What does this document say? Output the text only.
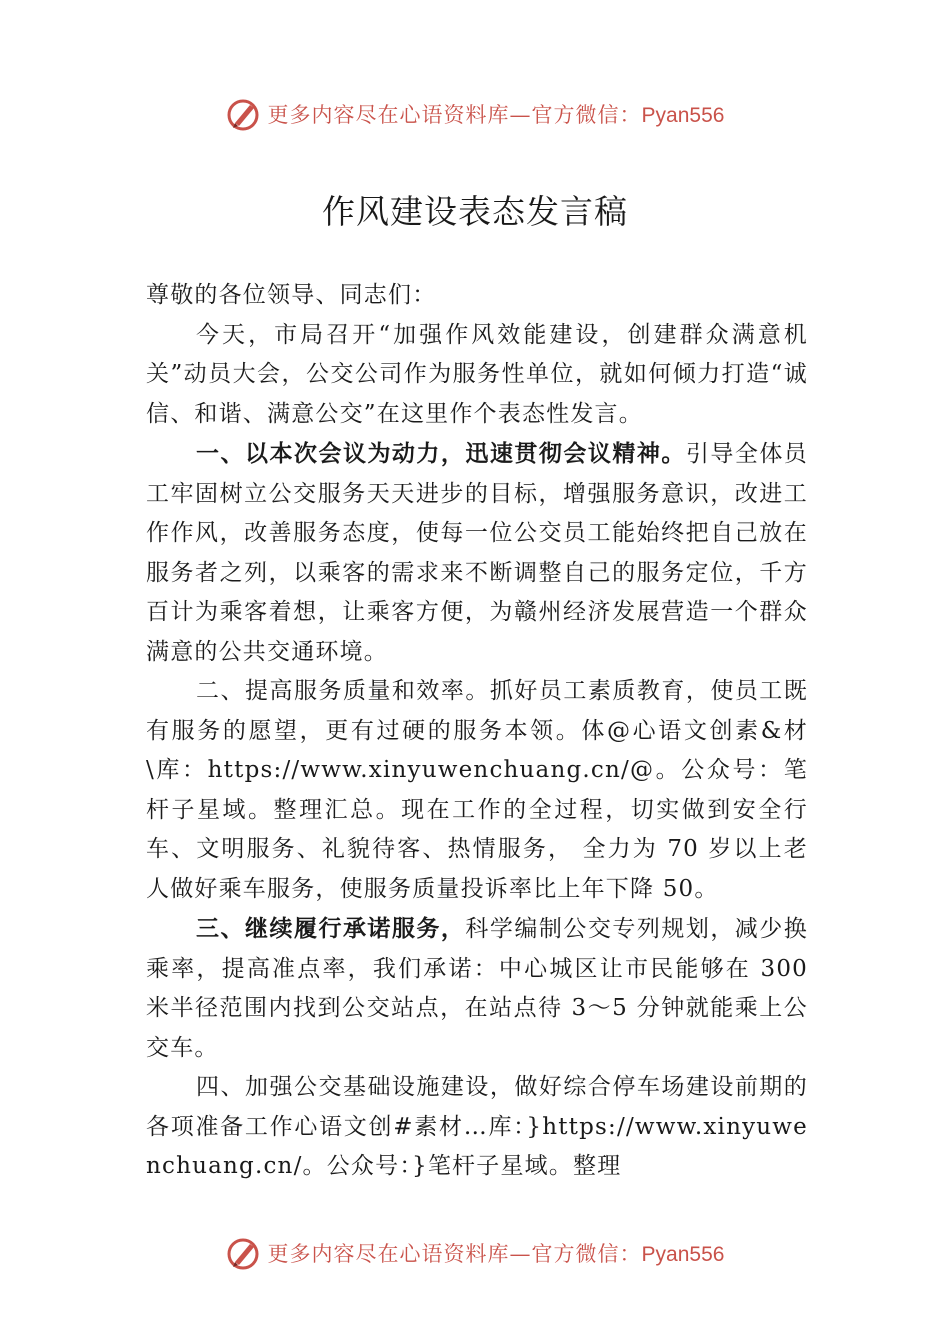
更多内容尽在心语资料库—官方微信：Pyan556
作风建设表态发言稿

尊敬的各位领导、同志们：

今天，市局召开“加强作风效能建设，创建群众满意机关”动员大会，公交公司作为服务性单位，就如何倾力打造“诚信、和谐、满意公交”在这里作个表态性发言。

一、以本次会议为动力，迅速贯彻会议精神。引导全体员工牢固树立公交服务天天进步的目标，增强服务意识，改进工作作风，改善服务态度，使每一位公交员工能始终把自己放在服务者之列，以乘客的需求来不断调整自己的服务定位，千方百计为乘客着想，让乘客方便，为赣州经济发展营造一个群众满意的公共交通环境。

二、提高服务质量和效率。抓好员工素质教育，使员工既有服务的愿望，更有过硬的服务本领。体@心语文创素&材\库：https://www.xinyuwenchuang.cn/@。公众号：笔杆子星域。整理汇总。现在工作的全过程，切实做到安全行车、文明服务、礼貌待客、热情服务， 全力为 70 岁以上老人做好乘车服务，使服务质量投诉率比上年下降 50。

三、继续履行承诺服务，科学编制公交专列规划，减少换乘率，提高准点率，我们承诺：中心城区让市民能够在 300 米半径范围内找到公交站点，在站点待 3～5 分钟就能乘上公交车。

四、加强公交基础设施建设，做好综合停车场建设前期的各项准备工作心语文创#素材…库：}https://www.xinyuwenchuang.cn/。公众号：}笔杆子星域。整理

更多内容尽在心语资料库—官方微信：Pyan556
